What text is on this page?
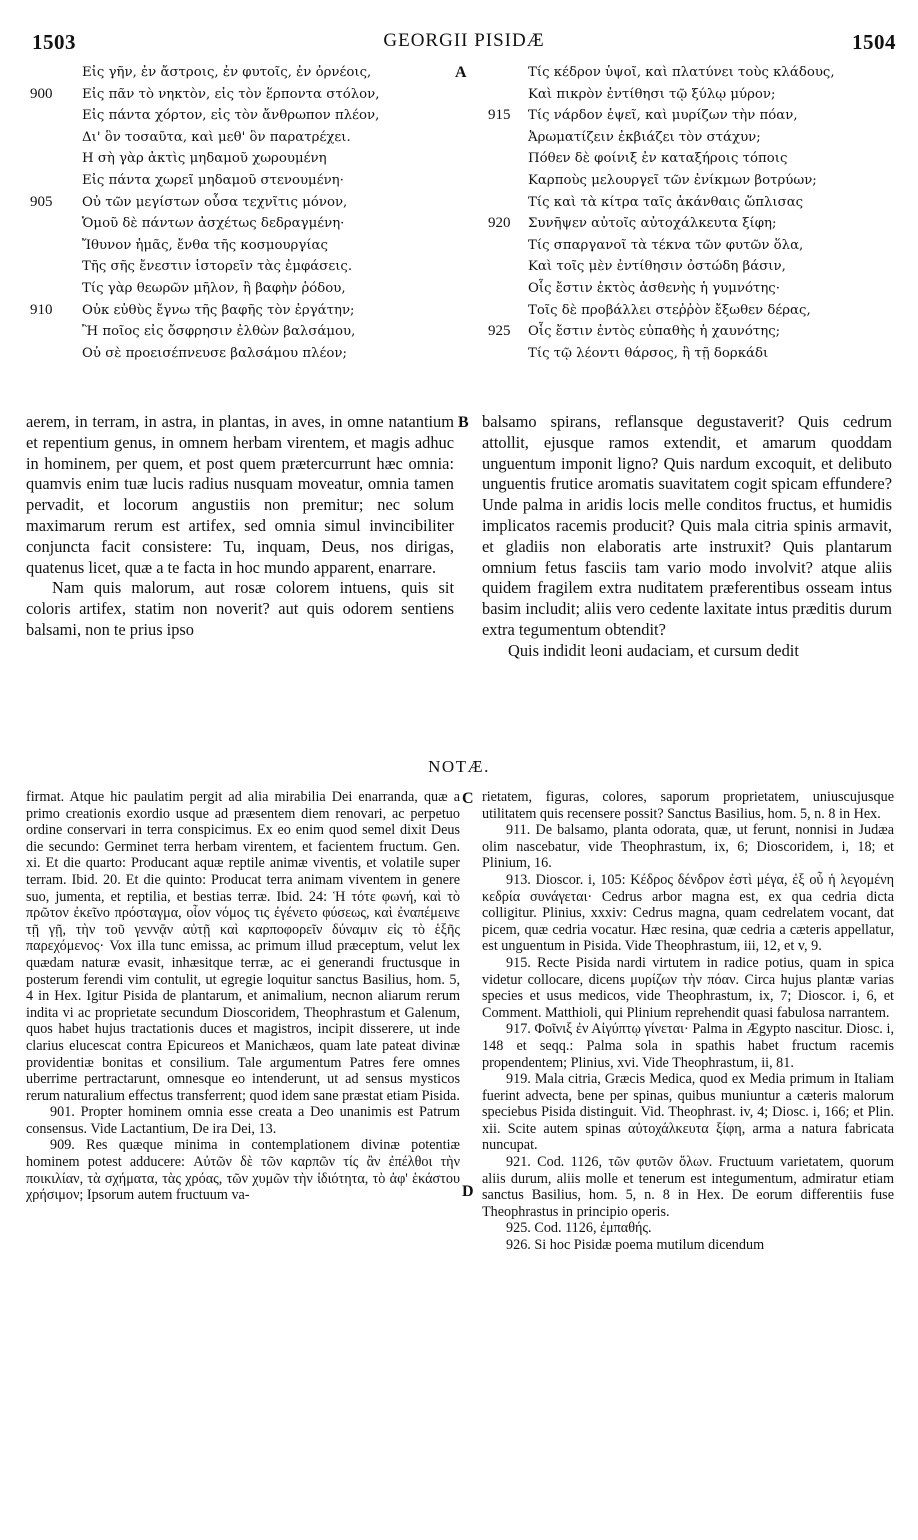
1503	GEORGII PISIDÆ	1504
Εἰς γῆν, ἐν ἄστροις, ἐν φυτοῖς, ἐν ὀρνέοις,
900	Εἰς πᾶν τὸ νηκτὸν, εἰς τὸν ἕρποντα στόλον,
Εἰς πάντα χόρτον, εἰς τὸν ἄνθρωπον πλέον,
Δι' ὃν τοσαῦτα, καὶ μεθ' ὃν παρατρέχει.
Η σὴ γὰρ ἀκτὶς μηδαμοῦ χωρουμένη
Εἰς πάντα χωρεῖ μηδαμοῦ στενουμένη·
905	Οὐ τῶν μεγίστων οὖσα τεχνῖτις μόνον,
Ὁμοῦ δὲ πάντων ἀσχέτως δεδραγμένη·
Ἴθυνον ἡμᾶς, ἔνθα τῆς κοσμουργίας
Τῆς σῆς ἔνεστιν ἱστορεῖν τὰς ἐμφάσεις.
Τίς γὰρ θεωρῶν μῆλον, ἢ βαφὴν ῥόδου,
910	Οὐκ εὐθὺς ἔγνω τῆς βαφῆς τὸν ἐργάτην;
Ἢ ποῖος εἰς ὄσφρησιν ἐλθὼν βαλσάμου,
Οὐ σὲ προεισέπνευσε βαλσάμου πλέον;
A	Τίς κέδρον ὑψοῖ, καὶ πλατύνει τοὺς κλάδους,
Καὶ πικρὸν ἐντίθησι τῷ ξύλῳ μύρον;
915	Τίς νάρδον ἑψεῖ, καὶ μυρίζων τὴν πόαν,
Ἀρωματίζειν ἐκβιάζει τὸν στάχυν;
Πόθεν δὲ φοίνιξ ἐν καταξήροις τόποις
Καρποὺς μελουργεῖ τῶν ἐνίκμων βοτρύων;
Τίς καὶ τὰ κίτρα ταῖς ἀκάνθαις ὥπλισας
920	Συνῆψεν αὐτοῖς αὐτοχάλκευτα ξίφη;
Τίς σπαργανοῖ τὰ τέκνα τῶν φυτῶν ὅλα,
Καὶ τοῖς μὲν ἐντίθησιν ὀστώδη βάσιν,
Οἷς ἔστιν ἐκτὸς ἀσθενὴς ἡ γυμνότης·
Τοῖς δὲ προβάλλει στεῤῥὸν ἔξωθεν δέρας,
925	Οἷς ἔστιν ἐντὸς εὐπαθὴς ἡ χαυνότης;
Τίς τῷ λέοντι θάρσος, ἢ τῇ δορκάδι

aerem, in terram, in astra, in plantas, in aves, in omne natantium et repentium genus, in omnem herbam virentem, et magis adhuc in hominem, per quem, et post quem prætercurrunt hæc omnia: quamvis enim tuæ lucis radius nusquam moveatur, omnia tamen pervadit, et locorum angustiis non premitur; nec solum maximarum rerum est artifex, sed omnia simul invincibiliter conjuncta facit consistere: Tu, inquam, Deus, nos dirigas, quatenus licet, quæ a te facta in hoc mundo apparent, enarrare.

Nam quis malorum, aut rosæ colorem intuens, quis sit coloris artifex, statim non noverit? aut quis odorem sentiens balsami, non te prius ipso

B balsamo spirans, reflansque degustaverit? Quis cedrum attollit, ejusque ramos extendit, et amarum quoddam unguentum imponit ligno? Quis nardum excoquit, et delibuto unguentis frutice aromatis suavitatem cogit spicam effundere? Unde palma in aridis locis melle conditos fructus, et humidis implicatos racemis producit? Quis mala citria spinis armavit, et gladiis non elaboratis arte instruxit? Quis plantarum omnium fetus fasciis tam vario modo involvit? atque aliis quidem fragilem extra nuditatem præferentibus osseam intus basim includit; aliis vero cedente laxitate intus præditis durum extra tegumentum obtendit?

Quis indidit leoni audaciam, et cursum dedit

NOTÆ.

firmat. Atque hic paulatim pergit ad alia mirabilia Dei enarranda, quæ a primo creationis exordio usque ad præsentem diem renovari, ac perpetuo ordine conservari in terra conspicimus. Ex eo enim quod semel dixit Deus die secundo: Germinet terra herbam virentem, et facientem fructum. Gen. xi. Et die quarto: Producant aquæ reptile animæ viventis, et volatile super terram. Ibid. 20. Et die quinto: Producat terra animam viventem in genere suo, jumenta, et reptilia, et bestias terræ. Ibid. 24: Ἡ τότε φωνή, καὶ τὸ πρῶτον ἐκεῖνο πρόσταγμα, οἷον νόμος τις ἐγένετο φύσεως, καὶ ἐναπέμεινε τῇ γῇ, τὴν τοῦ γεννᾷν αὐτῇ καὶ καρποφορεῖν δύναμιν εἰς τὸ ἑξῆς παρεχόμενος· Vox illa tunc emissa, ac primum illud præceptum, velut lex quædam naturæ evasit, inhæsitque terræ, ac ei generandi fructusque in posterum ferendi vim contulit, ut egregie loquitur sanctus Basilius, hom. 5, 4 in Hex. Igitur Pisida de plantarum, et animalium, necnon aliarum rerum indita vi ac proprietate secundum Dioscoridem, Theophrastum et Galenum, quos habet hujus tractationis duces et magistros, incipit disserere, ut inde clarius elucescat contra Epicureos et Manichæos, quam late pateat divinæ providentiæ bonitas et consilium. Tale argumentum Patres fere omnes uberrime pertractarunt, omnesque eo intenderunt, ut ad sensus mysticos rerum naturalium effectus transferrent; quod idem sane præstat etiam Pisida.

901. Propter hominem omnia esse creata a Deo unanimis est Patrum consensus. Vide Lactantium, De ira Dei, 13.

909. Res quæque minima in contemplationem divinæ potentiæ hominem potest adducere: Αὐτῶν δὲ τῶν καρπῶν τίς ἂν ἐπέλθοι τὴν ποικιλίαν, τὰ σχήματα, τὰς χρόας, τῶν χυμῶν τὴν ἰδιότητα, τὸ ἀφ' ἑκάστου χρήσιμον; Ipsorum autem fructuum va-

C
D

rietatem, figuras, colores, saporum proprietatem, uniuscujusque utilitatem quis recensere possit? Sanctus Basilius, hom. 5, n. 8 in Hex.

911. De balsamo, planta odorata, quæ, ut ferunt, nonnisi in Judæa olim nascebatur, vide Theophrastum, ix, 6; Dioscoridem, i, 18; et Plinium, 16.

913. Dioscor. i, 105: Κέδρος δένδρον ἐστὶ μέγα, ἐξ οὗ ἡ λεγομένη κεδρία συνάγεται· Cedrus arbor magna est, ex qua cedria dicta colligitur. Plinius, xxxiv: Cedrus magna, quam cedrelatem vocant, dat picem, quæ cedria vocatur. Hæc resina, quæ cedria a cæteris appellatur, est unguentum in Pisida. Vide Theophrastum, iii, 12, et v, 9.

915. Recte Pisida nardi virtutem in radice potius, quam in spica videtur collocare, dicens μυρίζων τὴν πόαν. Circa hujus plantæ varias species et usus medicos, vide Theophrastum, ix, 7; Dioscor. i, 6, et Comment. Matthioli, qui Plinium reprehendit quasi fabulosa narrantem.

917. Φοῖνιξ ἐν Αἰγύπτῳ γίνεται· Palma in Ægypto nascitur. Diosc. i, 148 et seqq.: Palma sola in spathis habet fructum racemis propendentem; Plinius, xvi. Vide Theophrastum, ii, 81.

919. Mala citria, Græcis Medica, quod ex Media primum in Italiam fuerint advecta, bene per spinas, quibus muniuntur a cæteris malorum speciebus Pisida distinguit. Vid. Theophrast. iv, 4; Diosc. i, 166; et Plin. xii. Scite autem spinas αὐτοχάλκευτα ξίφη, arma a natura fabricata nuncupat.

921. Cod. 1126, τῶν φυτῶν ὅλων. Fructuum varietatem, quorum aliis durum, aliis molle et tenerum est integumentum, admiratur etiam sanctus Basilius, hom. 5, n. 8 in Hex. De eorum differentiis fuse Theophrastus in principio operis.

925. Cod. 1126, ἐμπαθής.

926. Si hoc Pisidæ poema mutilum dicendum
